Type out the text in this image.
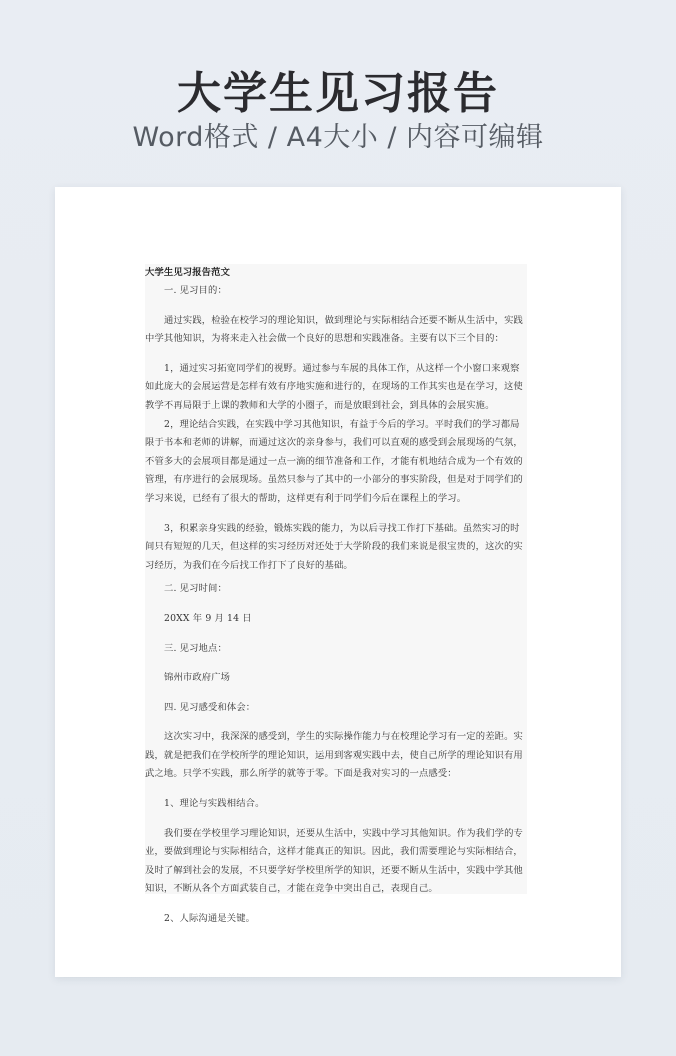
大学生见习报告
Word格式 / A4大小 / 内容可编辑

大学生见习报告范文

一. 见习目的：

通过实践，检验在校学习的理论知识，做到理论与实际相结合还要不断从生活中，实践中学其他知识，为将来走入社会做一个良好的思想和实践准备。主要有以下三个目的：

1，通过实习拓宽同学们的视野。通过参与车展的具体工作，从这样一个小窗口来观察如此庞大的会展运营是怎样有效有序地实施和进行的，在现场的工作其实也是在学习，这使教学不再局限于上课的教师和大学的小圈子，而是放眼到社会，到具体的会展实施。

2，理论结合实践，在实践中学习其他知识，有益于今后的学习。平时我们的学习都局限于书本和老师的讲解，而通过这次的亲身参与，我们可以直观的感受到会展现场的气氛，不管多大的会展项目都是通过一点一滴的细节准备和工作，才能有机地结合成为一个有效的管理，有序进行的会展现场。虽然只参与了其中的一小部分的事实阶段，但是对于同学们的学习来说，已经有了很大的帮助，这样更有利于同学们今后在课程上的学习。

3，积累亲身实践的经验，锻炼实践的能力，为以后寻找工作打下基础。虽然实习的时间只有短短的几天，但这样的实习经历对还处于大学阶段的我们来说是很宝贵的，这次的实习经历，为我们在今后找工作打下了良好的基础。

二. 见习时间：

20XX 年 9 月 14 日

三. 见习地点：

锦州市政府广场

四. 见习感受和体会：

这次实习中，我深深的感受到，学生的实际操作能力与在校理论学习有一定的差距。实践，就是把我们在学校所学的理论知识，运用到客观实践中去，使自己所学的理论知识有用武之地。只学不实践，那么所学的就等于零。下面是我对实习的一点感受：

1、理论与实践相结合。

我们要在学校里学习理论知识，还要从生活中，实践中学习其他知识。作为我们学的专业，要做到理论与实际相结合，这样才能真正的知识。因此，我们需要理论与实际相结合，及时了解到社会的发展，不只要学好学校里所学的知识，还要不断从生活中，实践中学其他知识，不断从各个方面武装自己，才能在竞争中突出自己，表现自己。

2、人际沟通是关键。
